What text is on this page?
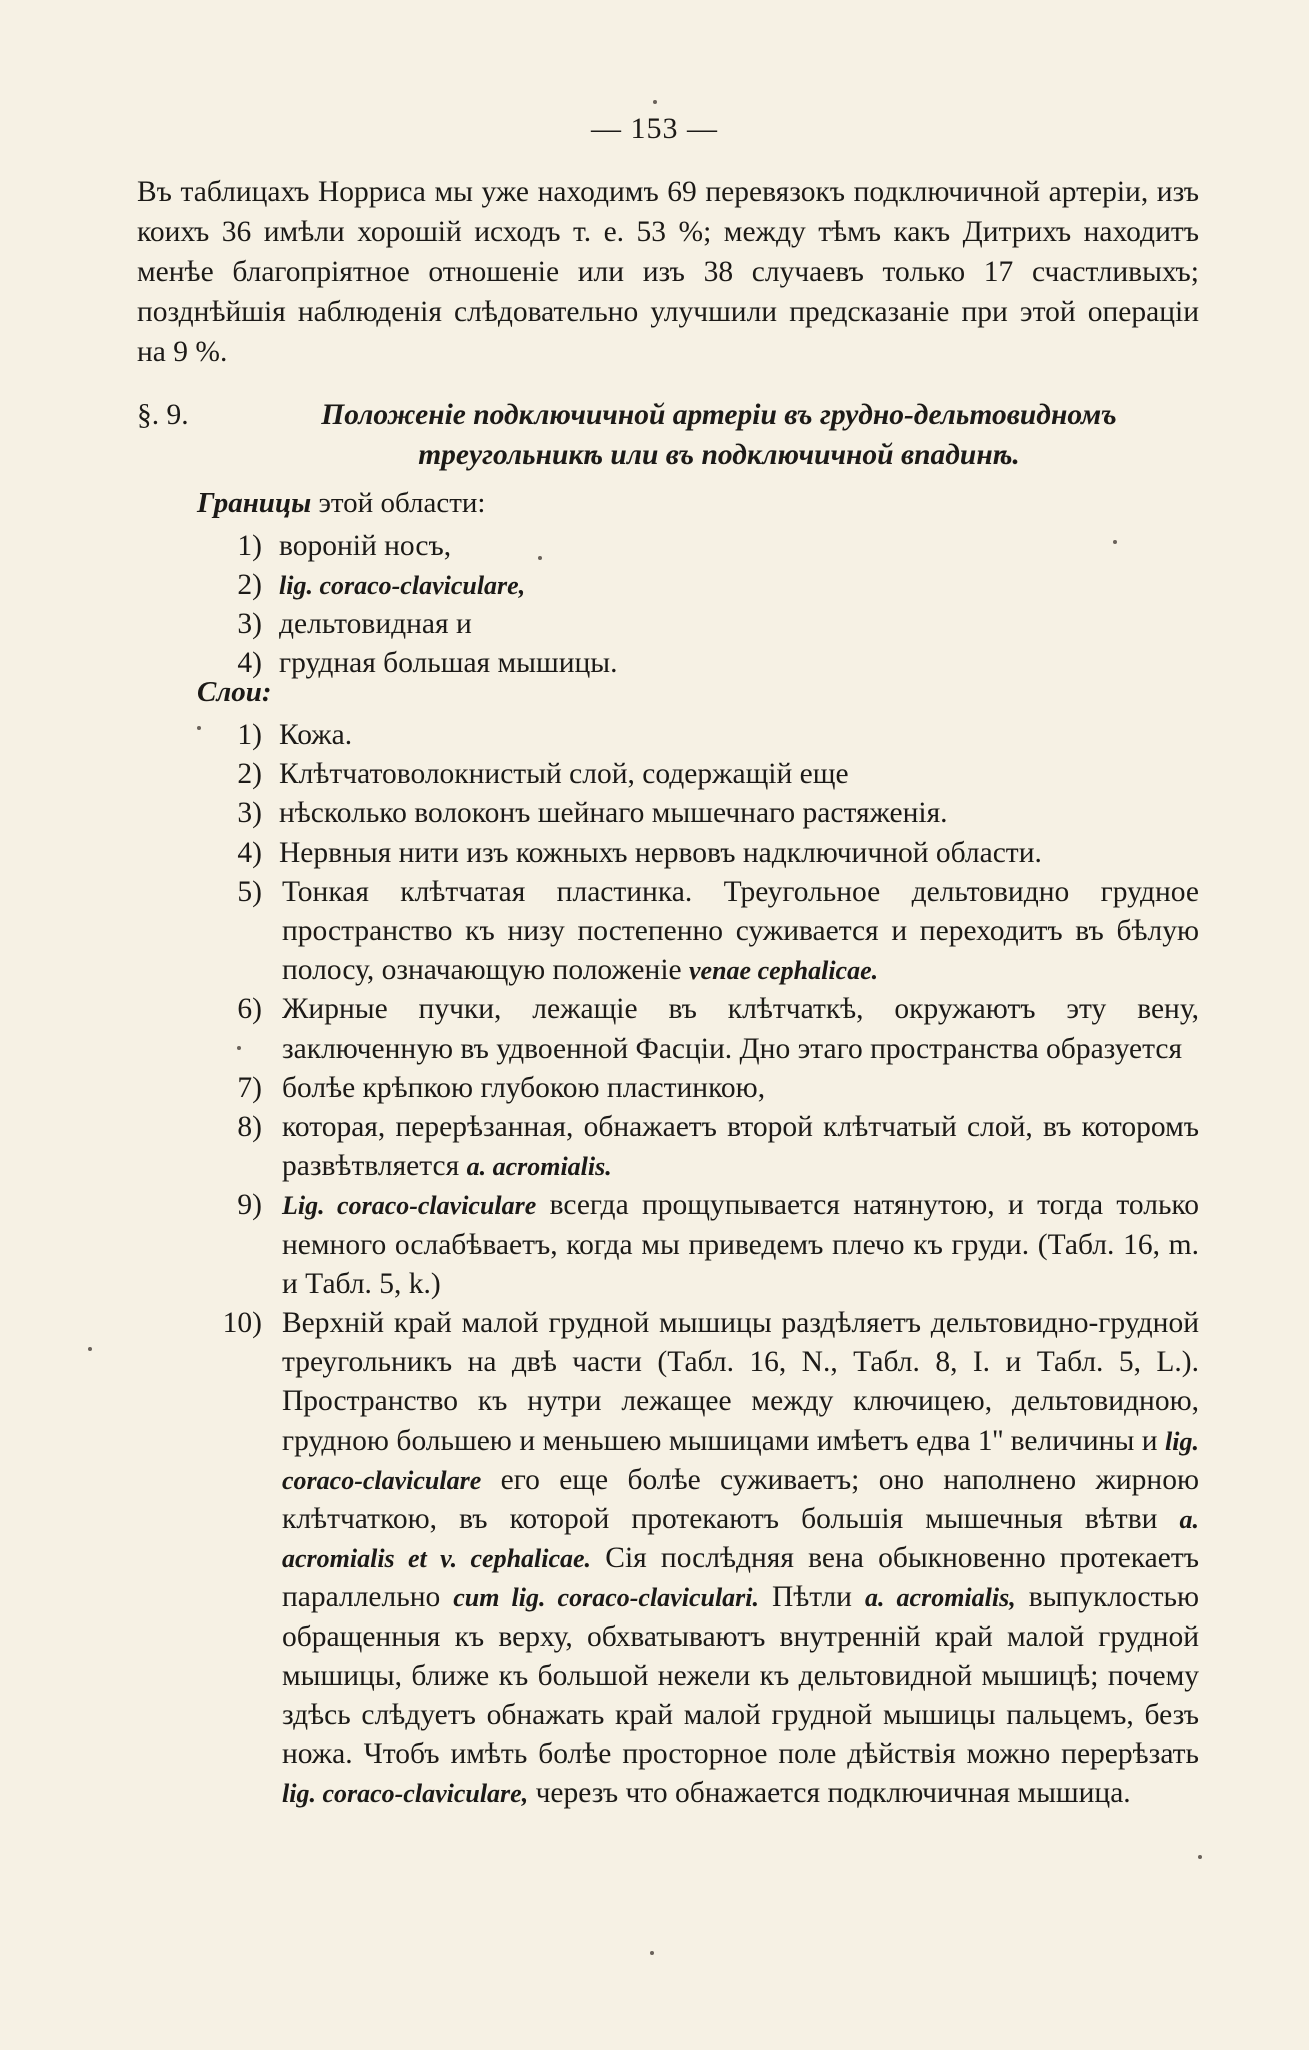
— 153 —

Въ таблицахъ Норриса мы уже находимъ 69 перевязокъ подключичной артеріи, изъ коихъ 36 имѣли хорошій исходъ т. е. 53 %; между тѣмъ какъ Дитрихъ находитъ менѣе благопріятное отношеніе или изъ 38 случаевъ только 17 счастливыхъ; позднѣйшія наблюденія слѣдовательно улучшили предсказаніе при этой операціи на 9 %.

§. 9.	Положеніе подключичной артеріи въ грудно-дельтовидномъ треугольникѣ или въ подключичной впадинѣ.
Границы этой области:
1) вороній носъ,
2) lig. coraco-claviculare,
3) дельтовидная и
4) грудная большая мышицы.
Слои:
1) Кожа.
2) Клѣтчатоволокнистый слой, содержащій еще
3) нѣсколько волоконъ шейнаго мышечнаго растяженія.
4) Нервныя нити изъ кожныхъ нервовъ надключичной области.
5) Тонкая клѣтчатая пластинка. Треугольное дельтовидно грудное пространство къ низу постепенно суживается и переходитъ въ бѣлую полосу, означающую положеніе venae cephalicae.
6) Жирные пучки, лежащіе въ клѣтчаткѣ, окружаютъ эту вену, заключенную въ удвоенной Фасціи. Дно этаго пространства образуется
7) болѣе крѣпкою глубокою пластинкою,
8) которая, перерѣзанная, обнажаетъ второй клѣтчатый слой, въ которомъ развѣтвляется a. acromialis.
9) Lig. coraco-claviculare всегда прощупывается натянутою, и тогда только немного ослабѣваетъ, когда мы приведемъ плечо къ груди. (Табл. 16, m. и Табл. 5, k.)
10) Верхній край малой грудной мышицы раздѣляетъ дельтовидно-грудной треугольникъ на двѣ части (Табл. 16, N., Табл. 8, I. и Табл. 5, L.). Пространство къ нутри лежащее между ключицею, дельтовидною, грудною большею и меньшею мышицами имѣетъ едва 1'' величины и lig. coraco-claviculare его еще болѣе суживаетъ; оно наполнено жирною клѣтчаткою, въ которой протекаютъ большія мышечныя вѣтви a. acromialis et v. cephalicae. Сія послѣдняя вена обыкновенно протекаетъ параллельно cum lig. coraco-claviculari. Пѣтли a. acromialis, выпуклостью обращенныя къ верху, обхватываютъ внутренній край малой грудной мышицы, ближе къ большой нежели къ дельтовидной мышицѣ; почему здѣсь слѣдуетъ обнажать край малой грудной мышицы пальцемъ, безъ ножа. Чтобъ имѣть болѣе просторное поле дѣйствія можно перерѣзать lig. coraco-claviculare, черезъ что обнажается подключичная мышица.
